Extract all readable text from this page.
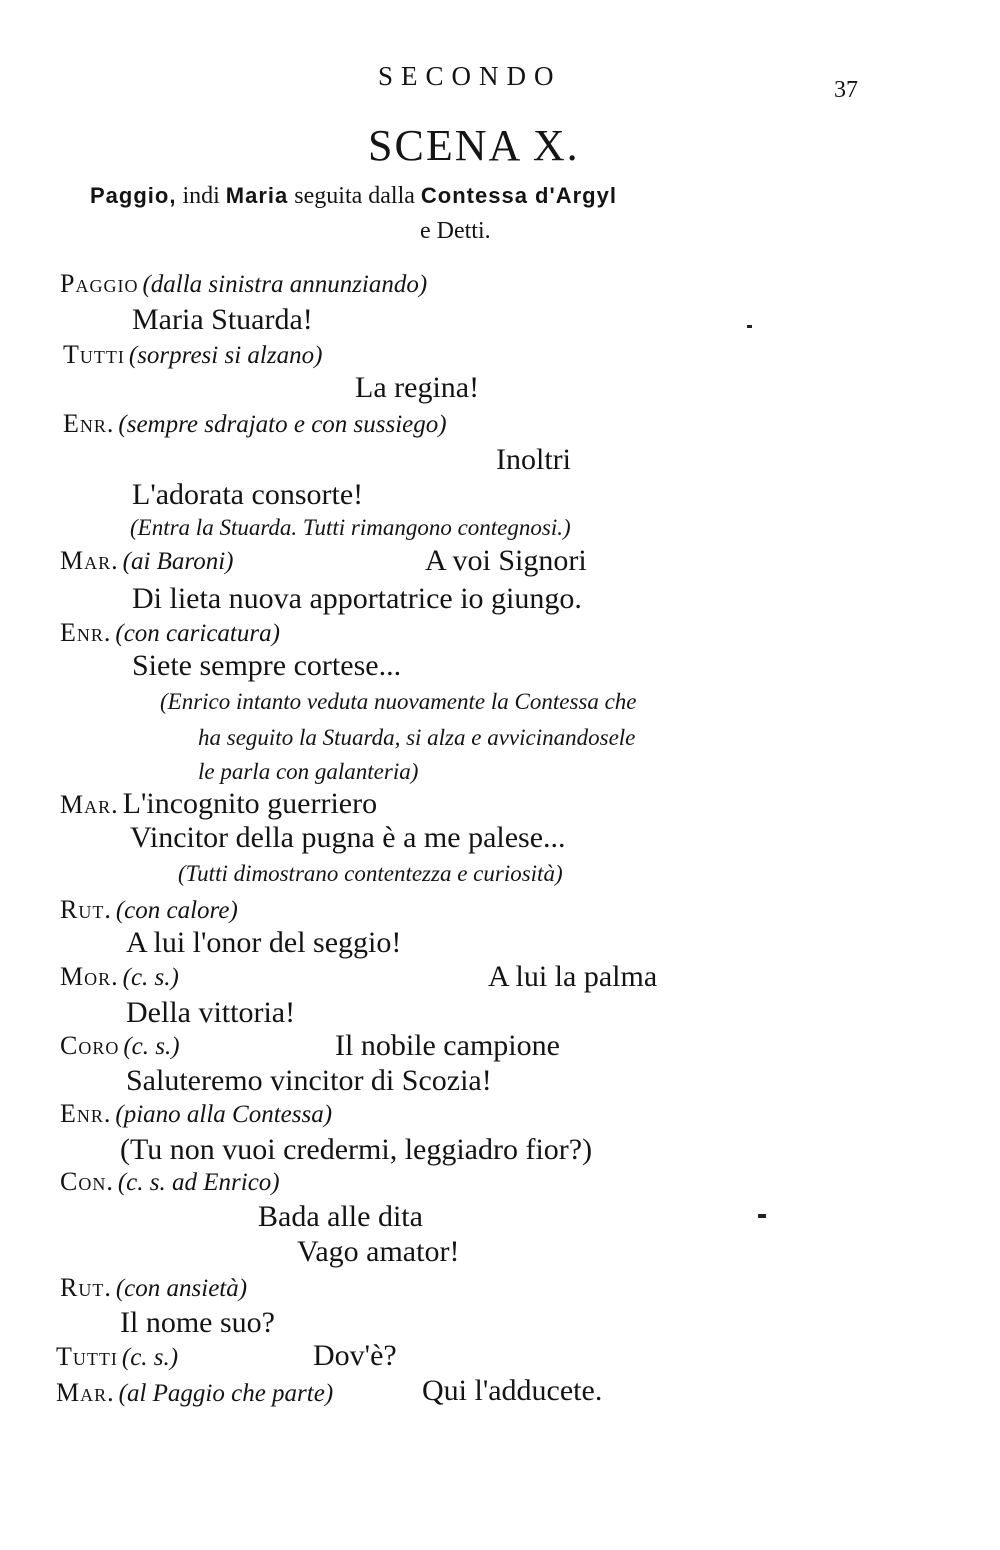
SECONDO	37
SCENA X.
Paggio, indi Maria seguita dalla Contessa d'Argyl
e Detti.
Paggio (dalla sinistra annunziando)
Maria Stuarda!
Tutti (sorpresi si alzano)
La regina!
Enr. (sempre sdrajato e con sussiego)
Inoltri
L'adorata consorte!
(Entra la Stuarda. Tutti rimangono contegnosi.)
Mar. (ai Baroni)	A voi Signori
Di lieta nuova apportatrice io giungo.
Enr. (con caricatura)
Siete sempre cortese...
(Enrico intanto veduta nuovamente la Contessa che
ha seguito la Stuarda, si alza e avvicinandosele
le parla con galanteria)
Mar. L'incognito guerriero
Vincitor della pugna è a me palese...
(Tutti dimostrano contentezza e curiosità)
Rut. (con calore)
A lui l'onor del seggio!
Mor. (c. s.)	A lui la palma
Della vittoria!
Coro (c. s.)	Il nobile campione
Saluteremo vincitor di Scozia!
Enr. (piano alla Contessa)
(Tu non vuoi credermi, leggiadro fior?)
Con. (c. s. ad Enrico)
Bada alle dita
Vago amator!
Rut. (con ansietà)
Il nome suo?
Tutti (c. s.)	Dov'è?
Mar. (al Paggio che parte)	Qui l'adducete.
